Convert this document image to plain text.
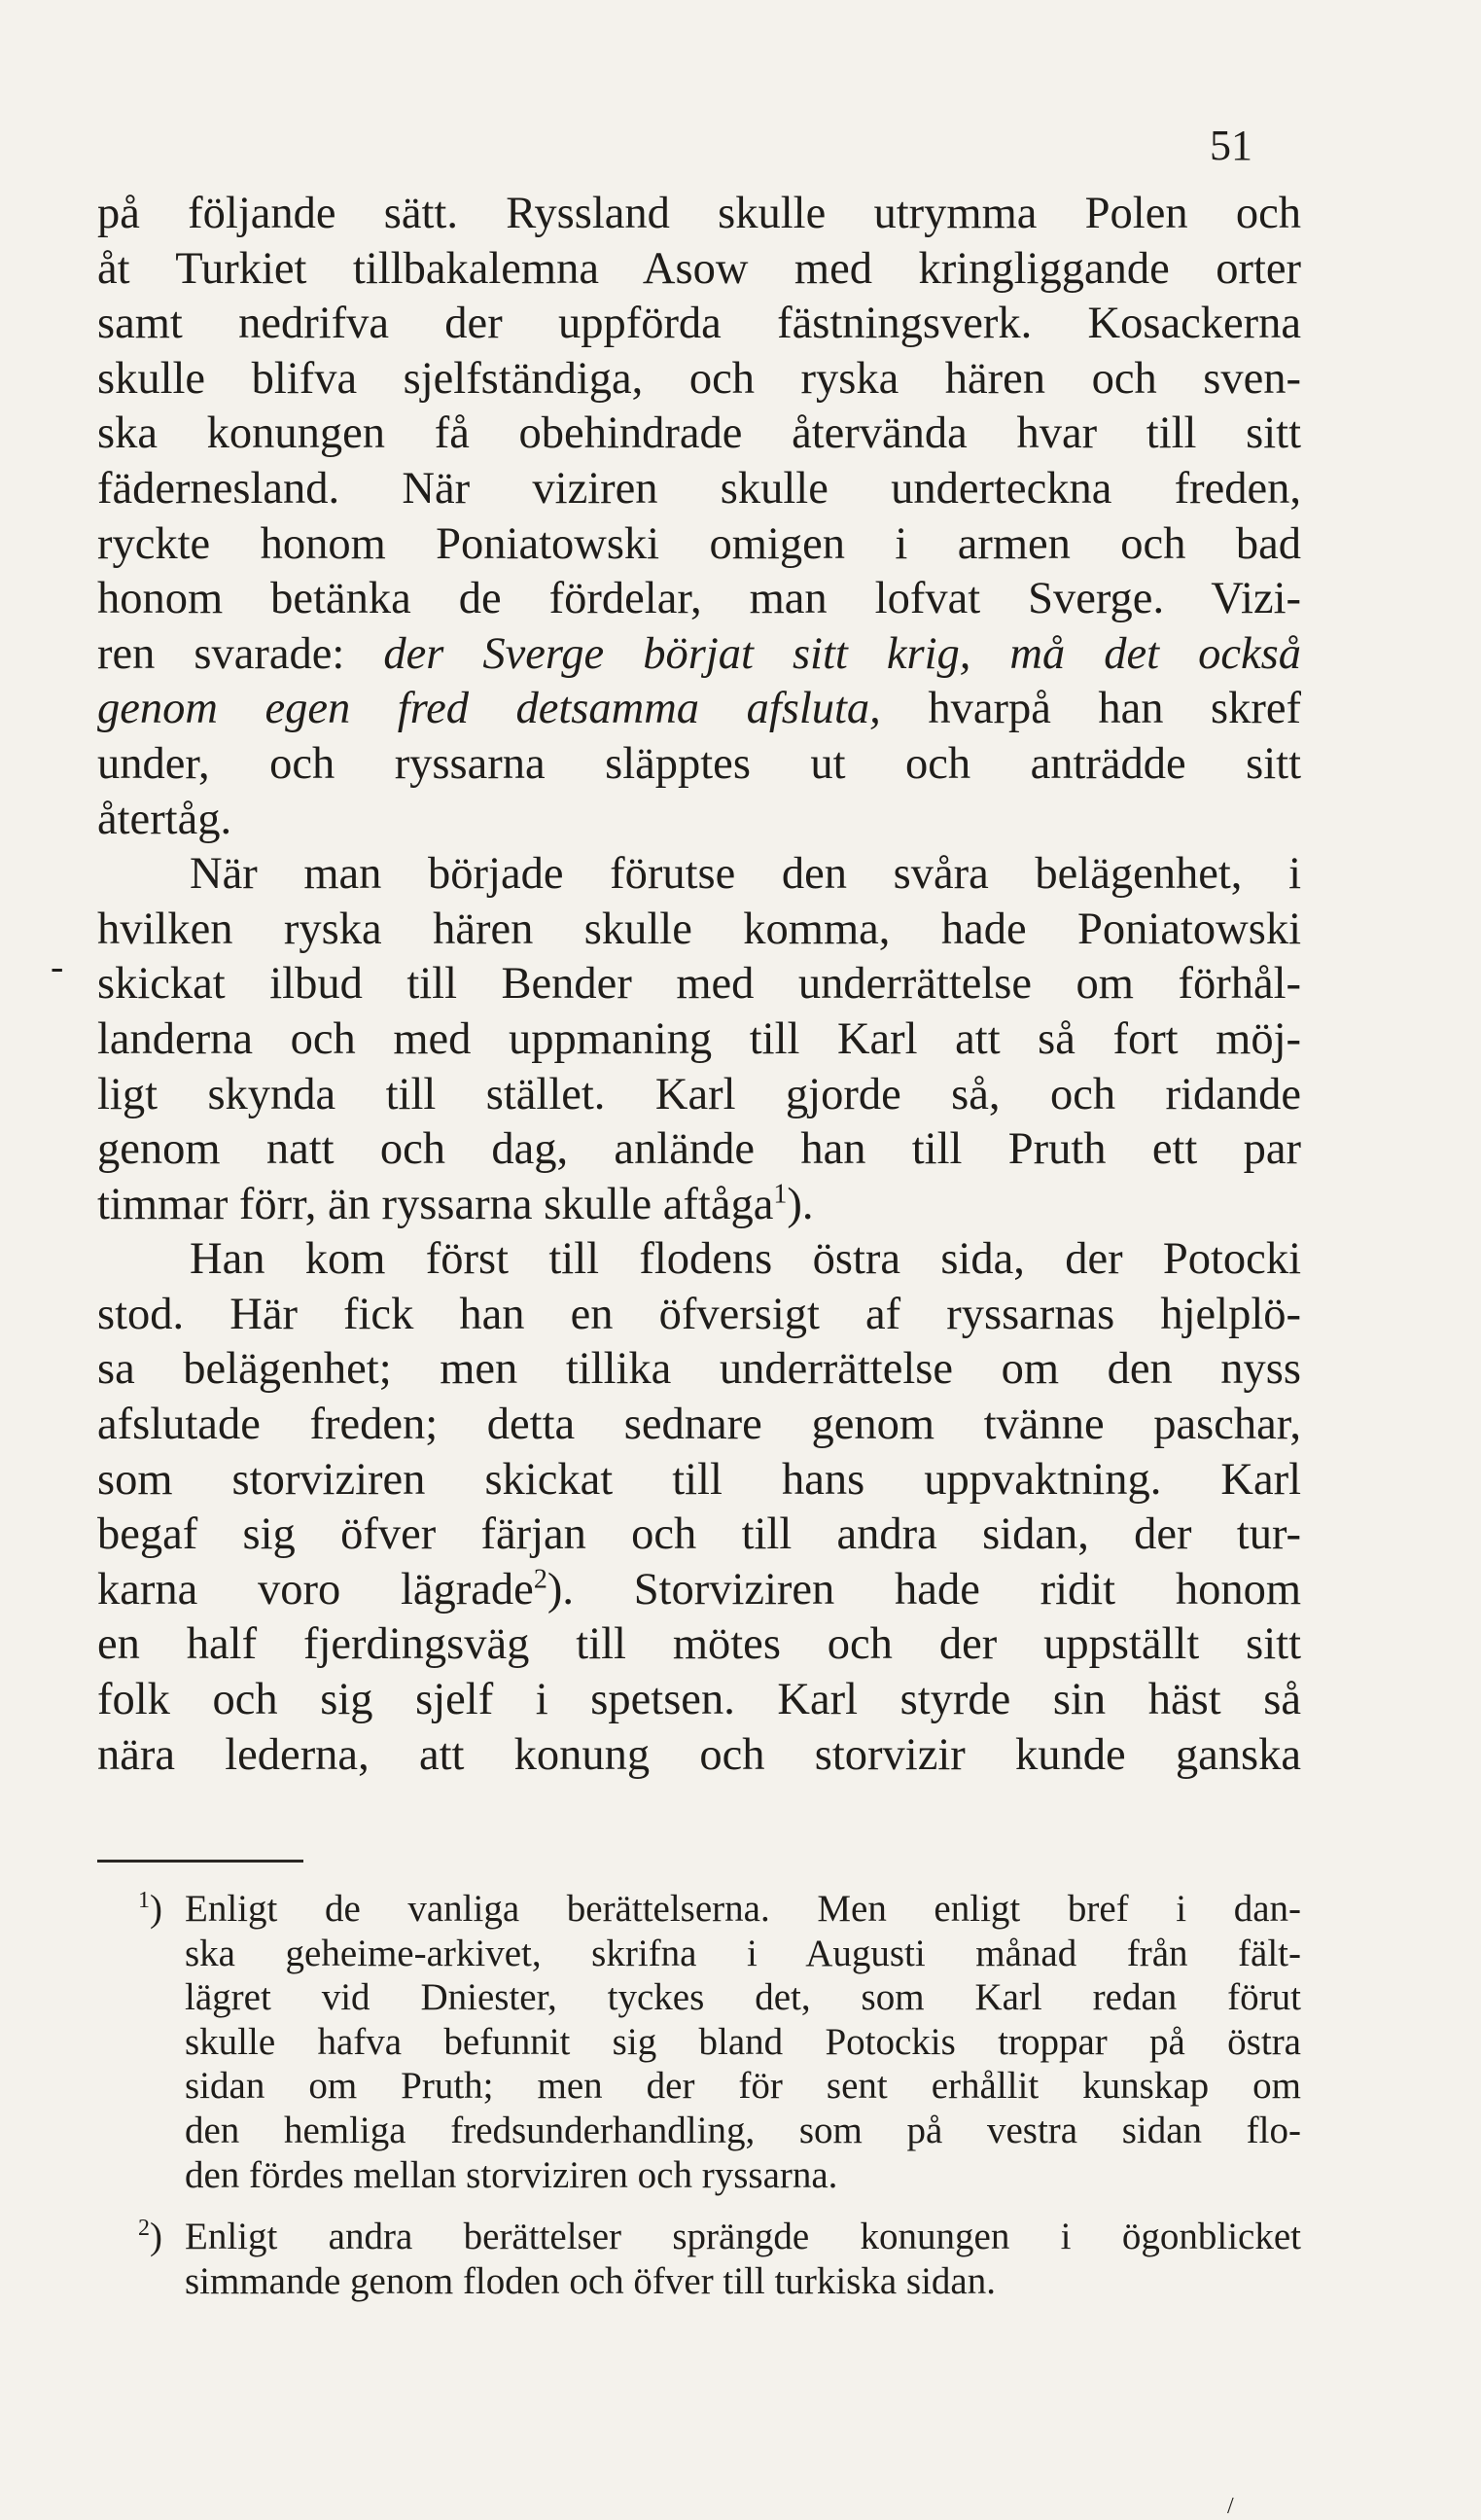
51
-
på följande sätt. Ryssland skulle utrymma Polen och
åt Turkiet tillbakalemna Asow med kringliggande orter
samt nedrifva der uppförda fästningsverk. Kosackerna
skulle blifva sjelfständiga, och ryska hären och sven-
ska konungen få obehindrade återvända hvar till sitt
fädernesland. När viziren skulle underteckna freden,
ryckte honom Poniatowski omigen i armen och bad
honom betänka de fördelar, man lofvat Sverge. Vizi-
ren svarade: der Sverge börjat sitt krig, må det också
genom egen fred detsamma afsluta, hvarpå han skref
under, och ryssarna släpptes ut och anträdde sitt
återtåg.
När man började förutse den svåra belägenhet, i
hvilken ryska hären skulle komma, hade Poniatowski
skickat ilbud till Bender med underrättelse om förhål-
landerna och med uppmaning till Karl att så fort möj-
ligt skynda till stället. Karl gjorde så, och ridande
genom natt och dag, anlände han till Pruth ett par
timmar förr, än ryssarna skulle aftåga$^1$).
Han kom först till flodens östra sida, der Potocki
stod. Här fick han en öfversigt af ryssarnas hjelplö-
sa belägenhet; men tillika underrättelse om den nyss
afslutade freden; detta sednare genom tvänne paschar,
som storviziren skickat till hans uppvaktning. Karl
begaf sig öfver färjan och till andra sidan, der tur-
karna voro lägrade$^2$). Storviziren hade ridit honom
en half fjerdingsväg till mötes och der uppställt sitt
folk och sig sjelf i spetsen. Karl styrde sin häst så
nära lederna, att konung och storvizir kunde ganska
$^1$) Enligt de vanliga berättelserna. Men enligt bref i dan-
ska geheime-arkivet, skrifna i Augusti månad från fält-
lägret vid Dniester, tyckes det, som Karl redan förut
skulle hafva befunnit sig bland Potockis troppar på östra
sidan om Pruth; men der för sent erhållit kunskap om
den hemliga fredsunderhandling, som på vestra sidan flo-
den fördes mellan storviziren och ryssarna.
$^2$) Enligt andra berättelser sprängde konungen i ögonblicket
simmande genom floden och öfver till turkiska sidan.
/
